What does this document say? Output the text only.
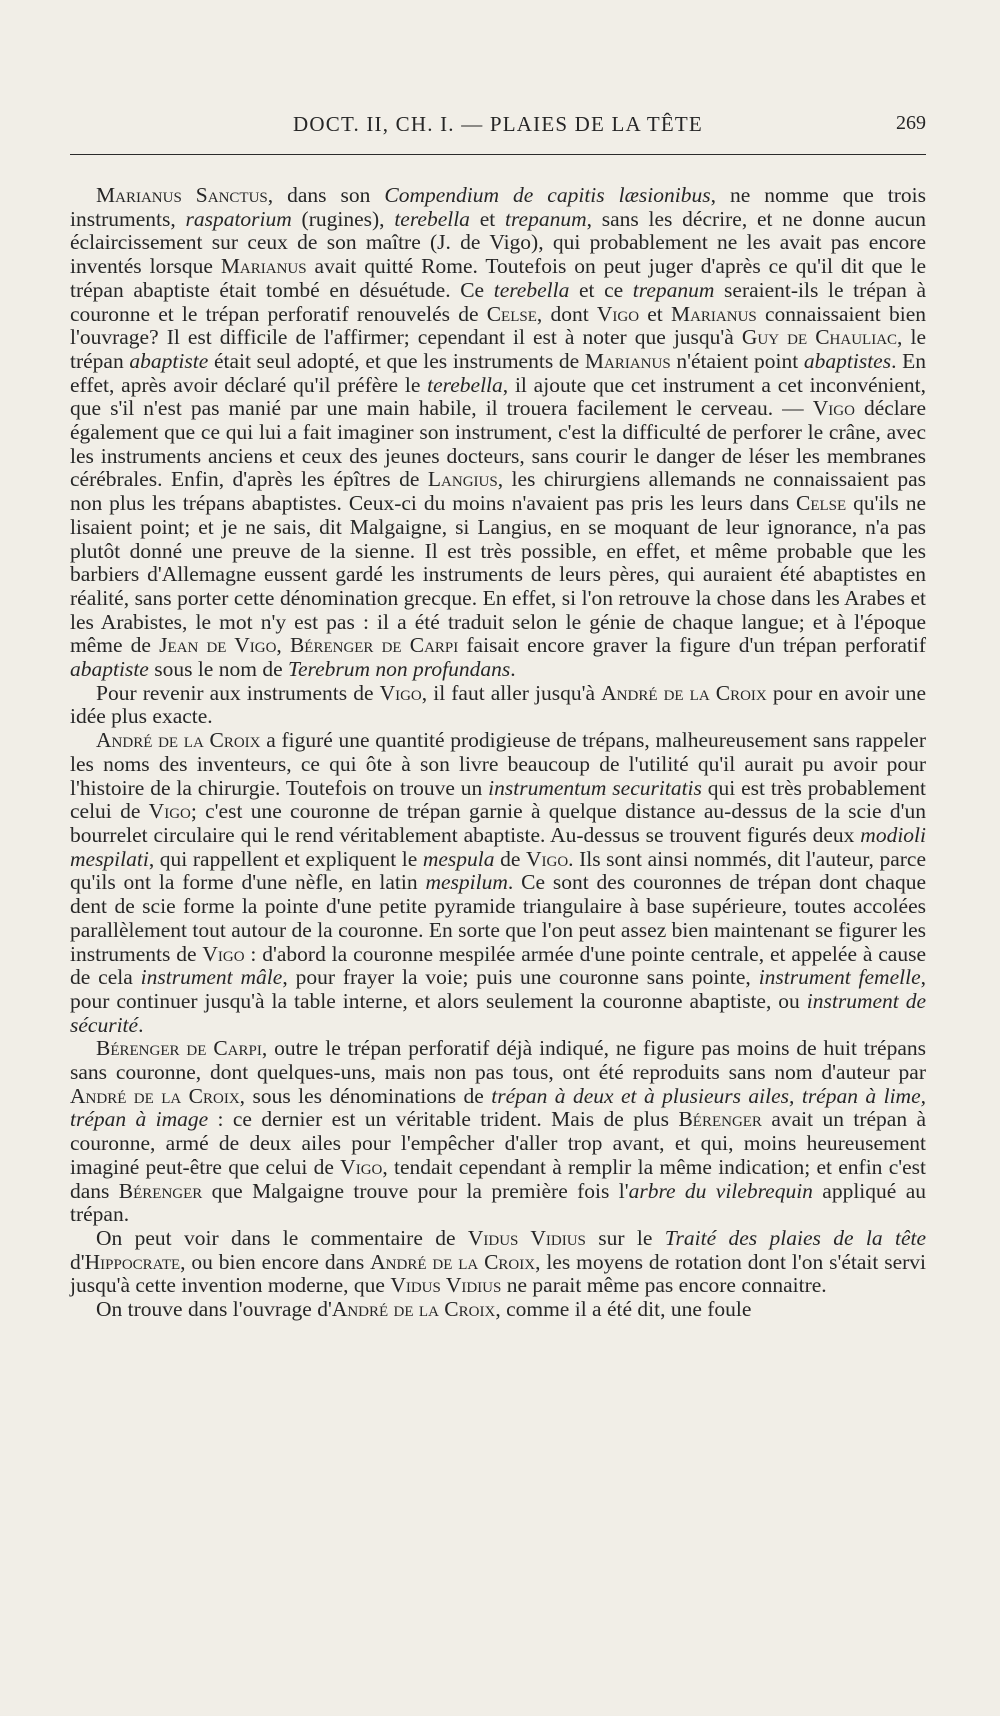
DOCT. II, CH. I. — PLAIES DE LA TÊTE	269

Marianus Sanctus, dans son Compendium de capitis læsionibus, ne nomme que trois instruments, raspatorium (rugines), terebella et trepanum, sans les décrire, et ne donne aucun éclaircissement sur ceux de son maître (J. de Vigo), qui probablement ne les avait pas encore inventés lorsque Marianus avait quitté Rome. Toutefois on peut juger d'après ce qu'il dit que le trépan abaptiste était tombé en désuétude. Ce terebella et ce trepanum seraient-ils le trépan à couronne et le trépan perforatif renouvelés de Celse, dont Vigo et Marianus connaissaient bien l'ouvrage? Il est difficile de l'affirmer; cependant il est à noter que jusqu'à Guy de Chauliac, le trépan abaptiste était seul adopté, et que les instruments de Marianus n'étaient point abaptistes. En effet, après avoir déclaré qu'il préfère le terebella, il ajoute que cet instrument a cet inconvénient, que s'il n'est pas manié par une main habile, il trouera facilement le cerveau. — Vigo déclare également que ce qui lui a fait imaginer son instrument, c'est la difficulté de perforer le crâne, avec les instruments anciens et ceux des jeunes docteurs, sans courir le danger de léser les membranes cérébrales. Enfin, d'après les épîtres de Langius, les chirurgiens allemands ne connaissaient pas non plus les trépans abaptistes. Ceux-ci du moins n'avaient pas pris les leurs dans Celse qu'ils ne lisaient point; et je ne sais, dit Malgaigne, si Langius, en se moquant de leur ignorance, n'a pas plutôt donné une preuve de la sienne. Il est très possible, en effet, et même probable que les barbiers d'Allemagne eussent gardé les instruments de leurs pères, qui auraient été abaptistes en réalité, sans porter cette dénomination grecque. En effet, si l'on retrouve la chose dans les Arabes et les Arabistes, le mot n'y est pas : il a été traduit selon le génie de chaque langue; et à l'époque même de Jean de Vigo, Bérenger de Carpi faisait encore graver la figure d'un trépan perforatif abaptiste sous le nom de Terebrum non profundans.

Pour revenir aux instruments de Vigo, il faut aller jusqu'à André de la Croix pour en avoir une idée plus exacte.

André de la Croix a figuré une quantité prodigieuse de trépans, malheureusement sans rappeler les noms des inventeurs, ce qui ôte à son livre beaucoup de l'utilité qu'il aurait pu avoir pour l'histoire de la chirurgie. Toutefois on trouve un instrumentum securitatis qui est très probablement celui de Vigo; c'est une couronne de trépan garnie à quelque distance au-dessus de la scie d'un bourrelet circulaire qui le rend véritablement abaptiste. Au-dessus se trouvent figurés deux modioli mespilati, qui rappellent et expliquent le mespula de Vigo. Ils sont ainsi nommés, dit l'auteur, parce qu'ils ont la forme d'une nèfle, en latin mespilum. Ce sont des couronnes de trépan dont chaque dent de scie forme la pointe d'une petite pyramide triangulaire à base supérieure, toutes accolées parallèlement tout autour de la couronne. En sorte que l'on peut assez bien maintenant se figurer les instruments de Vigo : d'abord la couronne mespilée armée d'une pointe centrale, et appelée à cause de cela instrument mâle, pour frayer la voie; puis une couronne sans pointe, instrument femelle, pour continuer jusqu'à la table interne, et alors seulement la couronne abaptiste, ou instrument de sécurité.

Bérenger de Carpi, outre le trépan perforatif déjà indiqué, ne figure pas moins de huit trépans sans couronne, dont quelques-uns, mais non pas tous, ont été reproduits sans nom d'auteur par André de la Croix, sous les dénominations de trépan à deux et à plusieurs ailes, trépan à lime, trépan à image : ce dernier est un véritable trident. Mais de plus Bérenger avait un trépan à couronne, armé de deux ailes pour l'empêcher d'aller trop avant, et qui, moins heureusement imaginé peut-être que celui de Vigo, tendait cependant à remplir la même indication; et enfin c'est dans Bérenger que Malgaigne trouve pour la première fois l'arbre du vilebrequin appliqué au trépan.

On peut voir dans le commentaire de Vidus Vidius sur le Traité des plaies de la tête d'Hippocrate, ou bien encore dans André de la Croix, les moyens de rotation dont l'on s'était servi jusqu'à cette invention moderne, que Vidus Vidius ne parait même pas encore connaitre.

On trouve dans l'ouvrage d'André de la Croix, comme il a été dit, une foule
